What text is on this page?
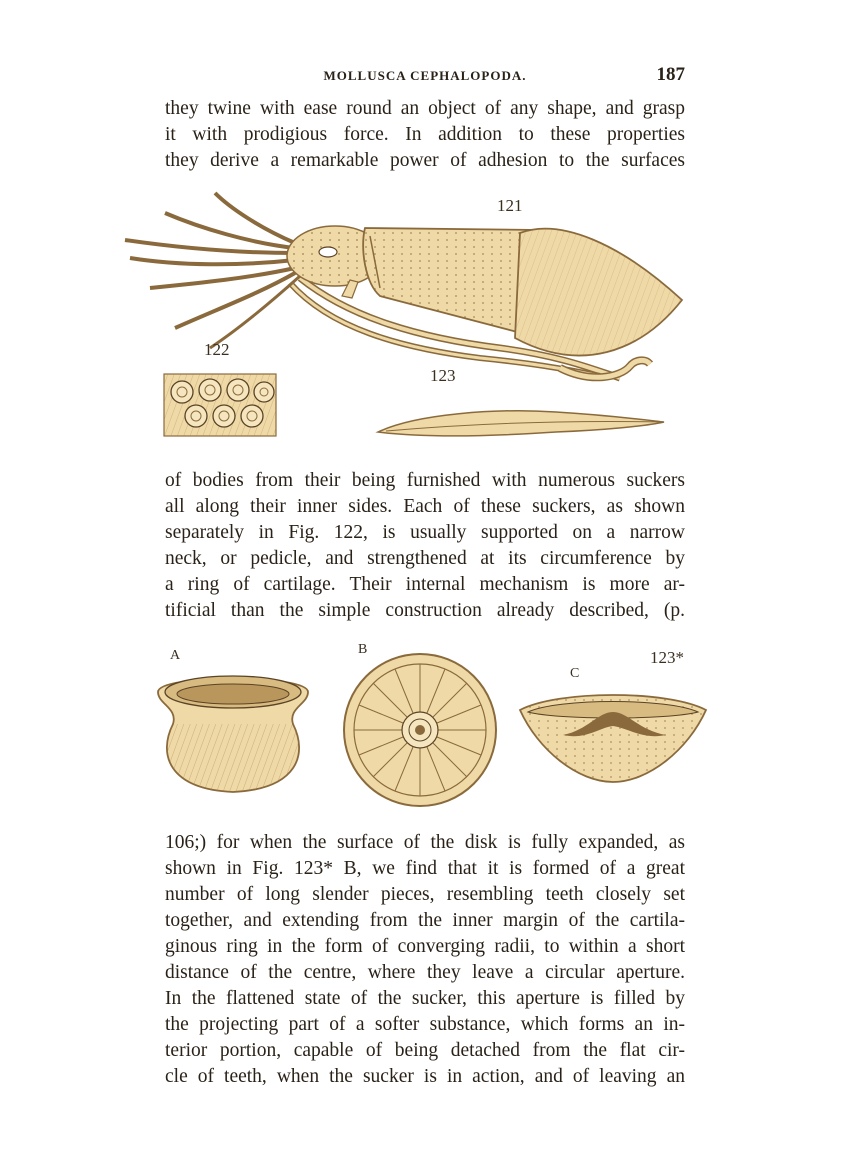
MOLLUSCA CEPHALOPODA.	187
they twine with ease round an object of any shape, and grasp
it with prodigious force. In addition to these properties
they derive a remarkable power of adhesion to the surfaces
121
122
123
of bodies from their being furnished with numerous suckers
all along their inner sides. Each of these suckers, as shown
separately in Fig. 122, is usually supported on a narrow
neck, or pedicle, and strengthened at its circumference by
a ring of cartilage. Their internal mechanism is more ar-
tificial than the simple construction already described, (p.
A	B
C
123*
106;) for when the surface of the disk is fully expanded, as
shown in Fig. 123* B, we find that it is formed of a great
number of long slender pieces, resembling teeth closely set
together, and extending from the inner margin of the cartila-
ginous ring in the form of converging radii, to within a short
distance of the centre, where they leave a circular aperture.
In the flattened state of the sucker, this aperture is filled by
the projecting part of a softer substance, which forms an in-
terior portion, capable of being detached from the flat cir-
cle of teeth, when the sucker is in action, and of leaving an
